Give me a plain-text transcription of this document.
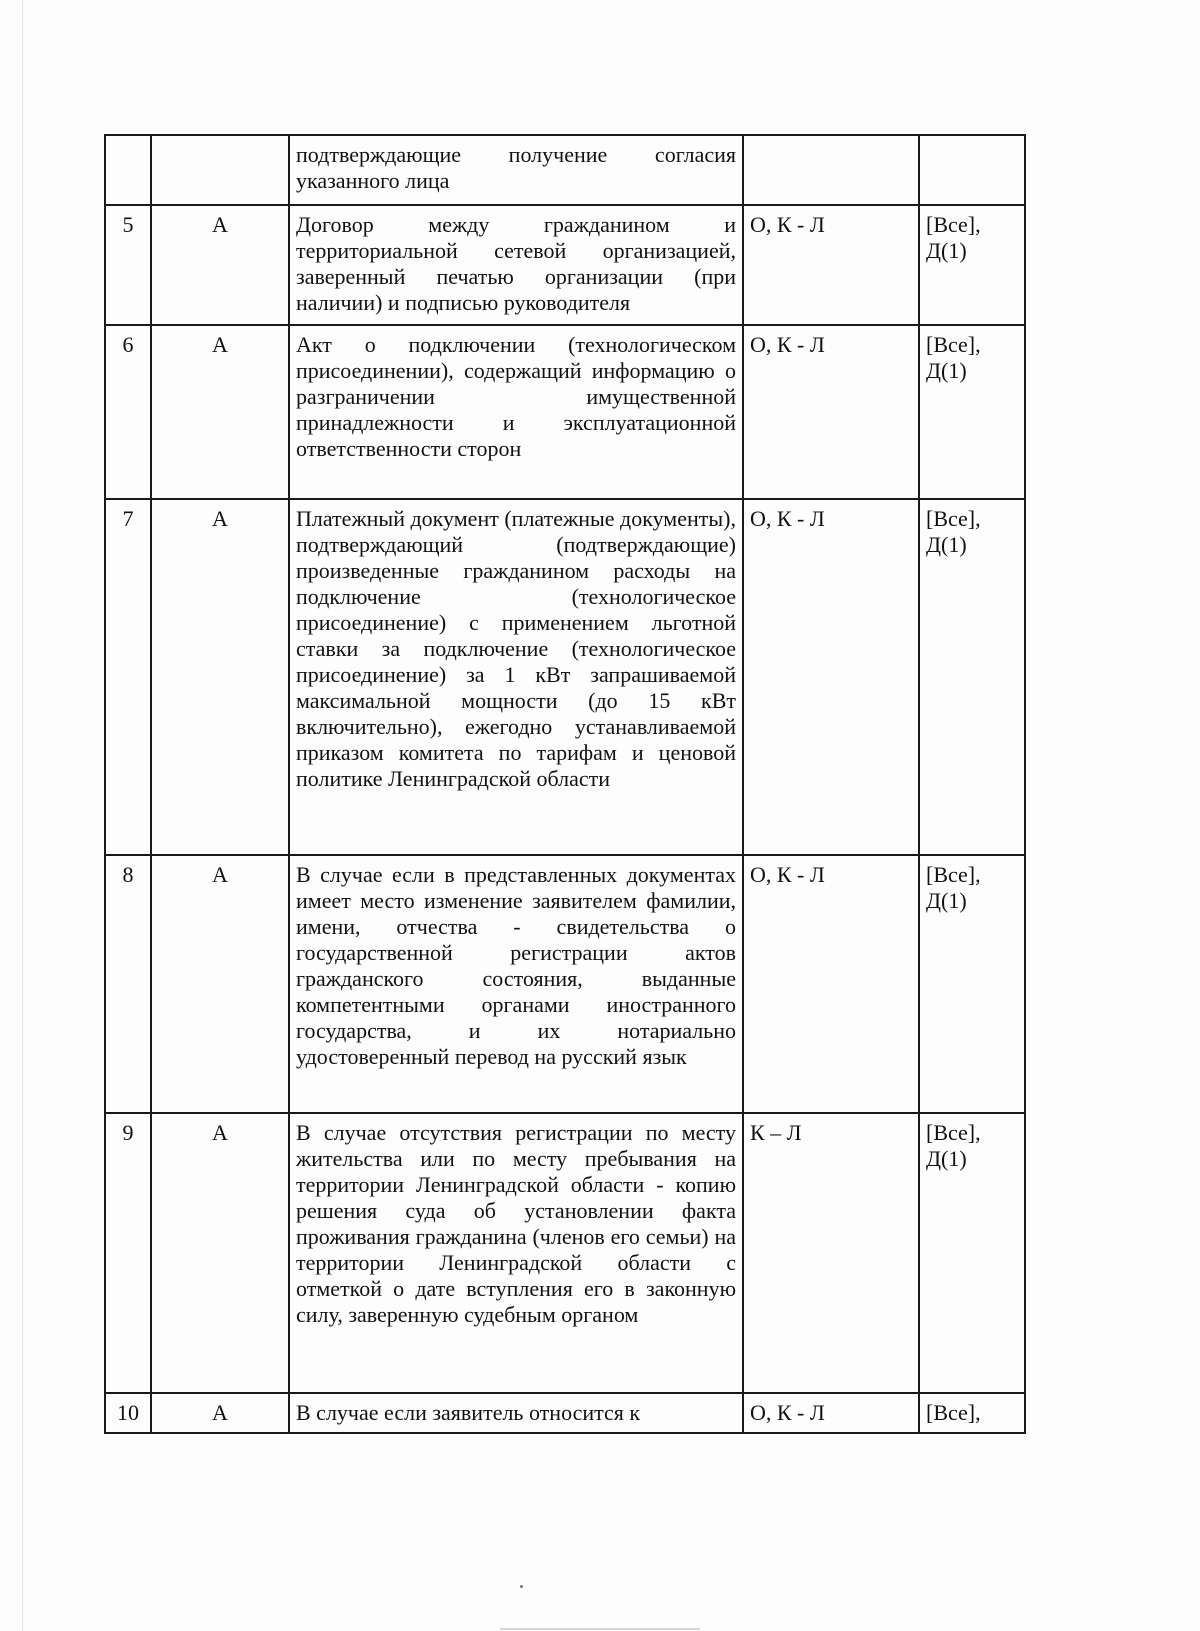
		подтверждающие получение согласия указанного лица		

5	А	Договор между гражданином и территориальной сетевой организацией, заверенный печатью организации (при наличии) и подписью руководителя	О, К - Л	[Все],
Д(1)

6	А	Акт о подключении (технологическом присоединении), содержащий информацию о разграничении имущественной принадлежности и эксплуатационной ответственности сторон	О, К - Л	[Все],
Д(1)

7	А	Платежный документ (платежные документы), подтверждающий (подтверждающие) произведенные гражданином расходы на подключение (технологическое присоединение) с применением льготной ставки за подключение (технологическое присоединение) за 1 кВт запрашиваемой максимальной мощности (до 15 кВт включительно), ежегодно устанавливаемой приказом комитета по тарифам и ценовой политике Ленинградской области	О, К - Л	[Все],
Д(1)

8	А	В случае если в представленных документах имеет место изменение заявителем фамилии, имени, отчества - свидетельства о государственной регистрации актов гражданского состояния, выданные компетентными органами иностранного государства, и их нотариально удостоверенный перевод на русский язык	О, К - Л	[Все],
Д(1)

9	А	В случае отсутствия регистрации по месту жительства или по месту пребывания на территории Ленинградской области - копию решения суда об установлении факта проживания гражданина (членов его семьи) на территории Ленинградской области с отметкой о дате вступления его в законную силу, заверенную судебным органом	К – Л	[Все],
Д(1)

10	А	В случае если заявитель относится к	О, К - Л	[Все],
